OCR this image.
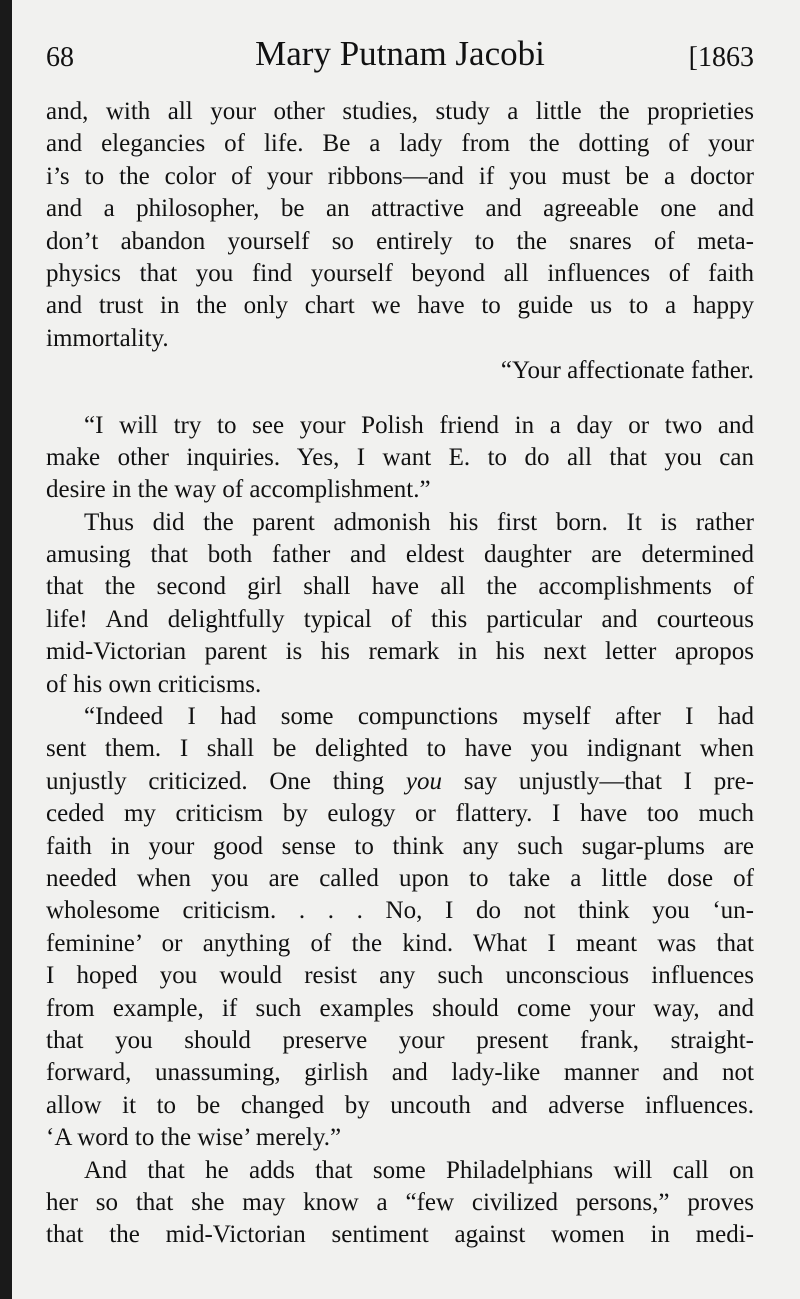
68	Mary Putnam Jacobi	[1863
and, with all your other studies, study a little the proprieties
and elegancies of life. Be a lady from the dotting of your
i’s to the color of your ribbons—and if you must be a doctor
and a philosopher, be an attractive and agreeable one and
don’t abandon yourself so entirely to the snares of meta-
physics that you find yourself beyond all influences of faith
and trust in the only chart we have to guide us to a happy
immortality.
“Your affectionate father.
“I will try to see your Polish friend in a day or two and
make other inquiries. Yes, I want E. to do all that you can
desire in the way of accomplishment.”
Thus did the parent admonish his first born. It is rather
amusing that both father and eldest daughter are determined
that the second girl shall have all the accomplishments of
life! And delightfully typical of this particular and courteous
mid-Victorian parent is his remark in his next letter apropos
of his own criticisms.
“Indeed I had some compunctions myself after I had
sent them. I shall be delighted to have you indignant when
unjustly criticized. One thing you say unjustly—that I pre-
ceded my criticism by eulogy or flattery. I have too much
faith in your good sense to think any such sugar-plums are
needed when you are called upon to take a little dose of
wholesome criticism. . . . No, I do not think you ‘un-
feminine’ or anything of the kind. What I meant was that
I hoped you would resist any such unconscious influences
from example, if such examples should come your way, and
that you should preserve your present frank, straight-
forward, unassuming, girlish and lady-like manner and not
allow it to be changed by uncouth and adverse influences.
‘A word to the wise’ merely.”
And that he adds that some Philadelphians will call on
her so that she may know a “few civilized persons,” proves
that the mid-Victorian sentiment against women in medi-
